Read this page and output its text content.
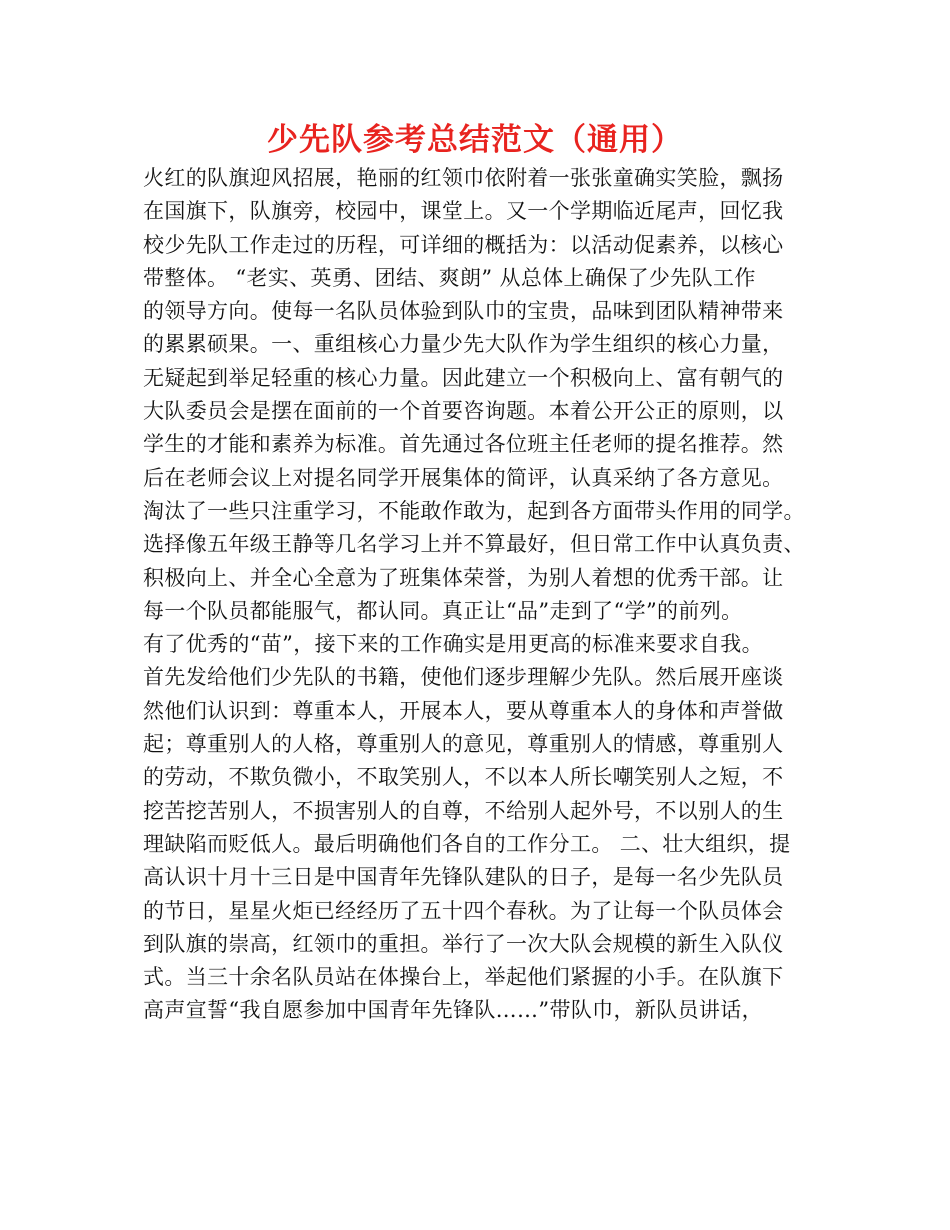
少先队参考总结范文（通用）
火红的队旗迎风招展，艳丽的红领巾依附着一张张童确实笑脸，飘扬
在国旗下，队旗旁，校园中，课堂上。又一个学期临近尾声，回忆我
校少先队工作走过的历程，可详细的概括为：以活动促素养，以核心
带整体。 “老实、英勇、团结、爽朗” 从总体上确保了少先队工作
的领导方向。使每一名队员体验到队巾的宝贵，品味到团队精神带来
的累累硕果。一、重组核心力量少先大队作为学生组织的核心力量，
无疑起到举足轻重的核心力量。因此建立一个积极向上、富有朝气的
大队委员会是摆在面前的一个首要咨询题。本着公开公正的原则，以
学生的才能和素养为标准。首先通过各位班主任老师的提名推荐。然
后在老师会议上对提名同学开展集体的简评，认真采纳了各方意见。
淘汰了一些只注重学习，不能敢作敢为，起到各方面带头作用的同学。
选择像五年级王静等几名学习上并不算最好，但日常工作中认真负责、
积极向上、并全心全意为了班集体荣誉，为别人着想的优秀干部。让
每一个队员都能服气，都认同。真正让“品”走到了“学”的前列。
有了优秀的“苗”，接下来的工作确实是用更高的标准来要求自我。
首先发给他们少先队的书籍，使他们逐步理解少先队。然后展开座谈
然他们认识到：尊重本人，开展本人，要从尊重本人的身体和声誉做
起；尊重别人的人格，尊重别人的意见，尊重别人的情感，尊重别人
的劳动，不欺负微小，不取笑别人，不以本人所长嘲笑别人之短，不
挖苦挖苦别人，不损害别人的自尊，不给别人起外号，不以别人的生
理缺陷而贬低人。最后明确他们各自的工作分工。 二、壮大组织，提
高认识十月十三日是中国青年先锋队建队的日子，是每一名少先队员
的节日，星星火炬已经经历了五十四个春秋。为了让每一个队员体会
到队旗的崇高，红领巾的重担。举行了一次大队会规模的新生入队仪
式。当三十余名队员站在体操台上，举起他们紧握的小手。在队旗下
高声宣誓“我自愿参加中国青年先锋队……”带队巾，新队员讲话，
